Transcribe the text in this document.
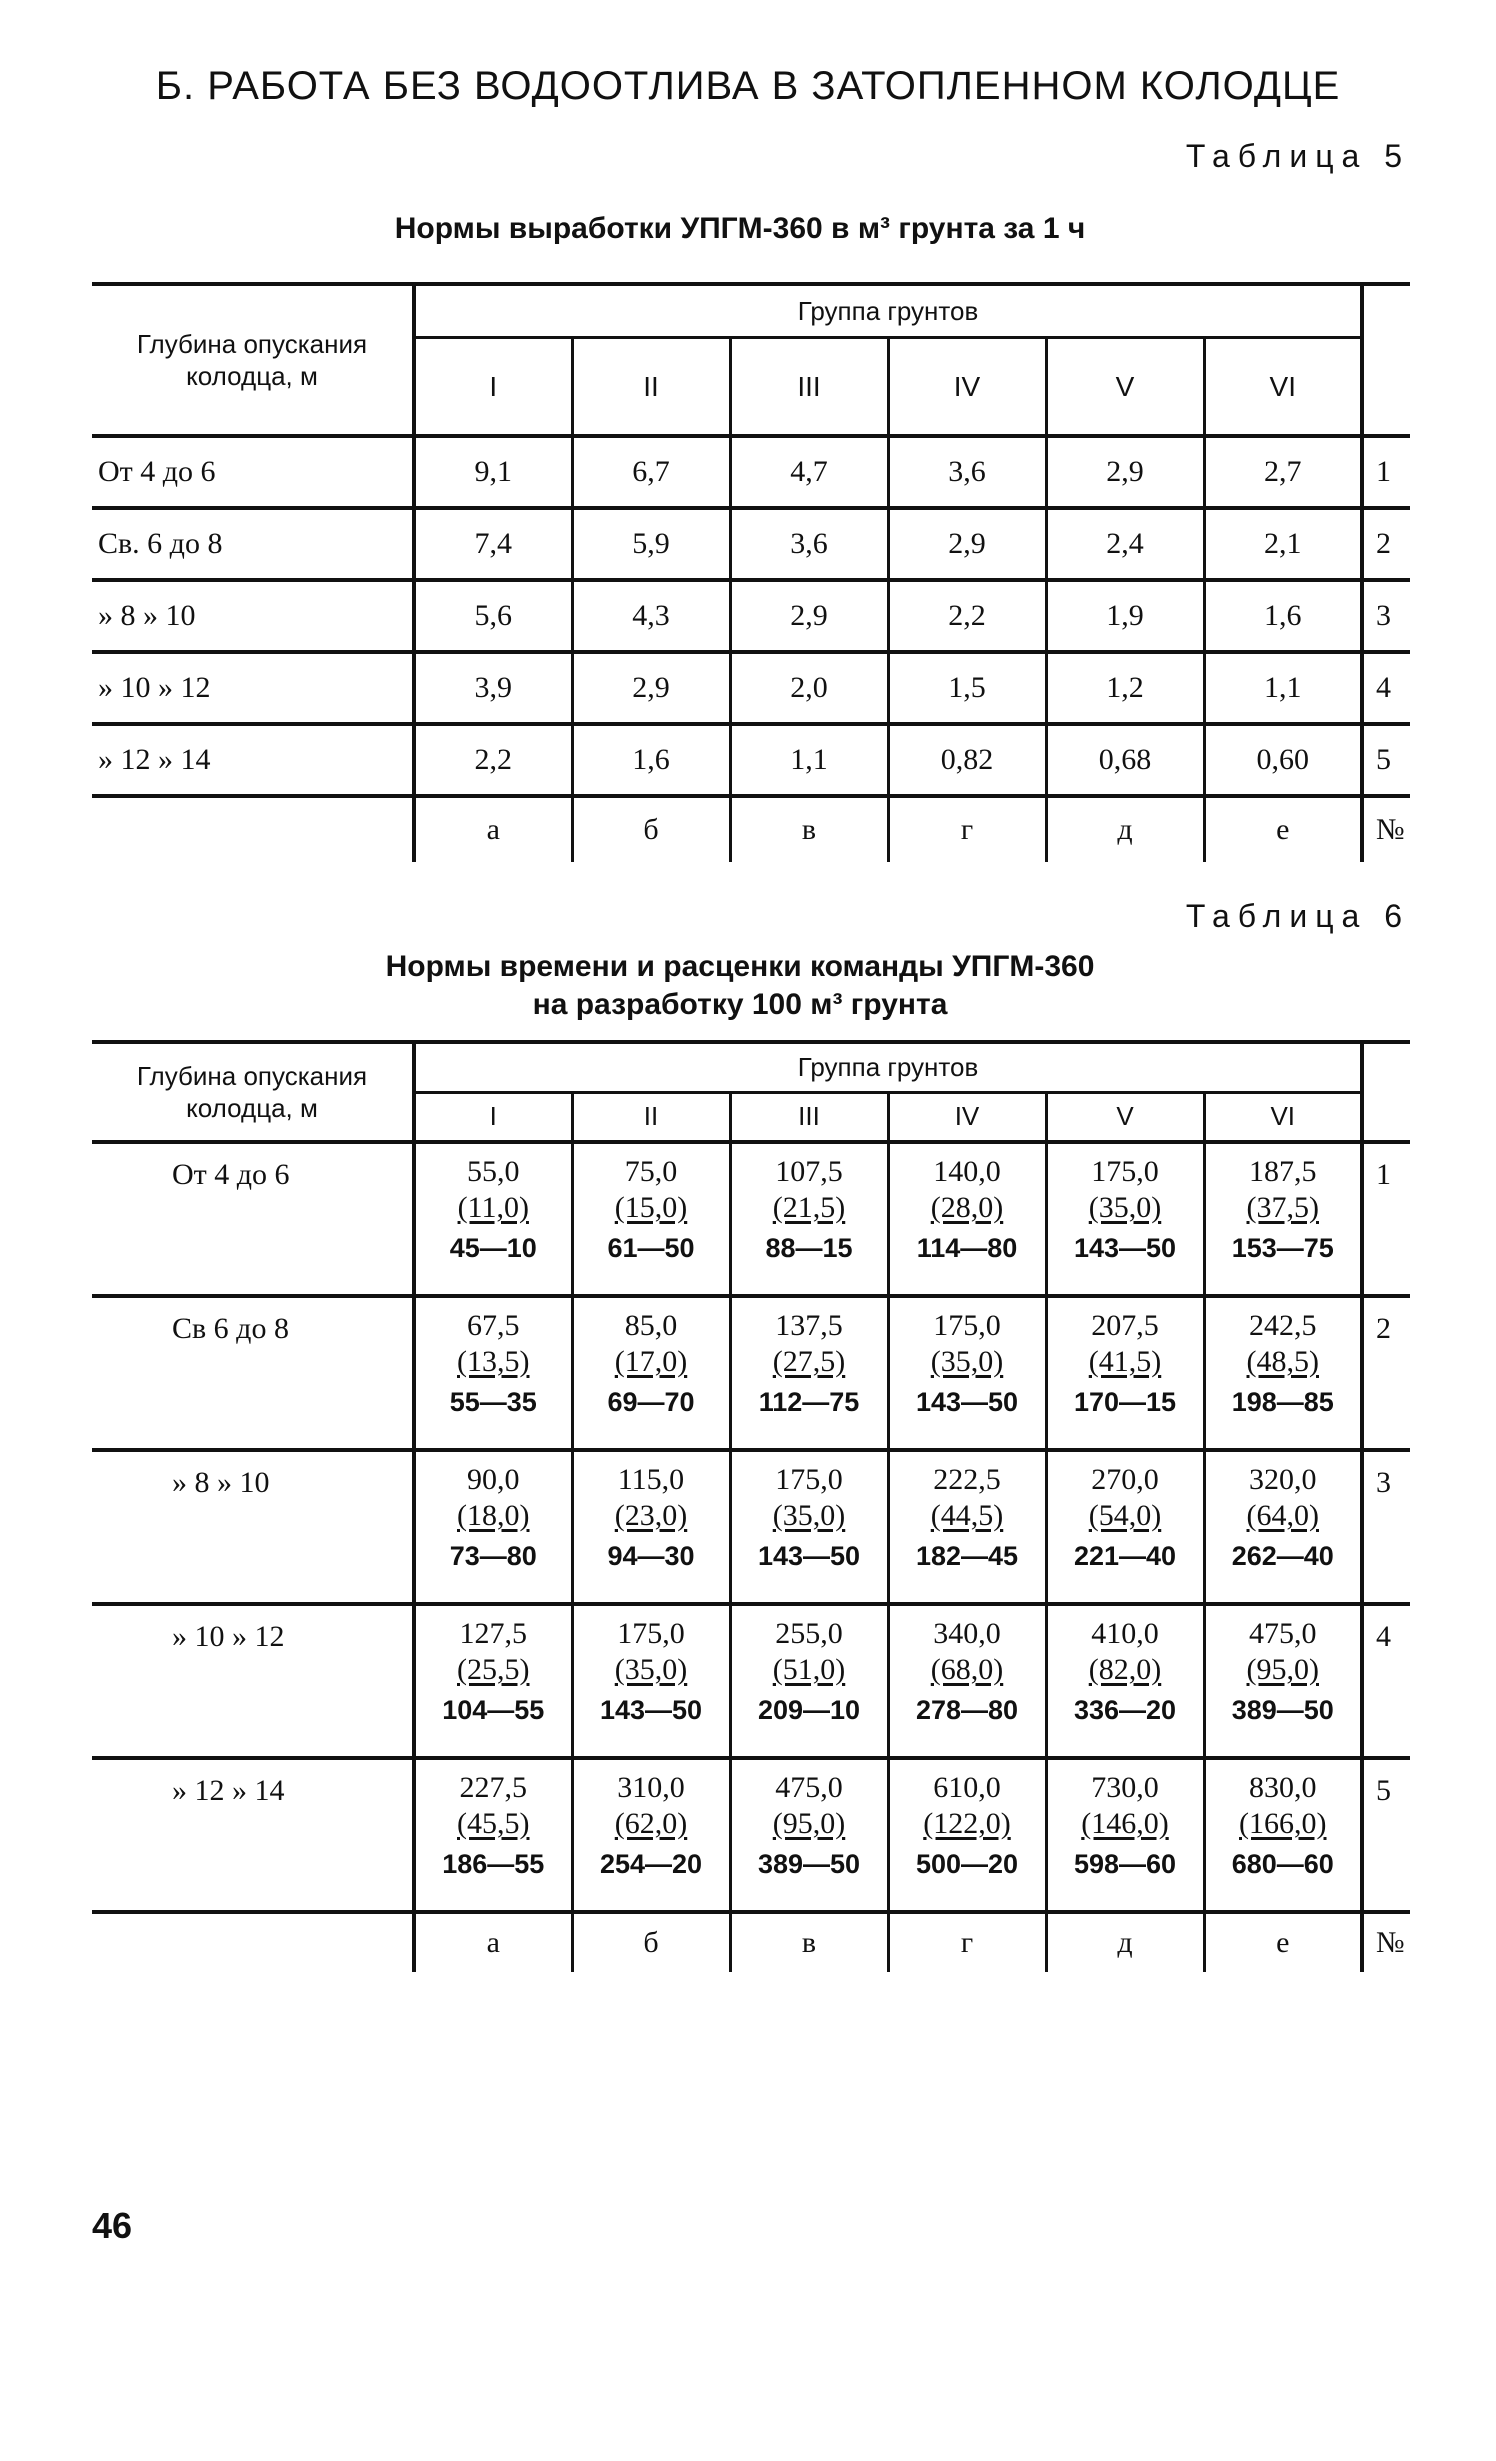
Б. РАБОТА БЕЗ ВОДООТЛИВА В ЗАТОПЛЕННОМ КОЛОДЦЕ
Таблица 5
Нормы выработки УПГМ-360 в м³ грунта за 1 ч
Глубина опускания колодца, м	Группа грунтов						
	I	II	III	IV	V	VI	
От 4 до 6	9,1	6,7	4,7	3,6	2,9	2,7	1
Св. 6 до 8	7,4	5,9	3,6	2,9	2,4	2,1	2
» 8 » 10	5,6	4,3	2,9	2,2	1,9	1,6	3
» 10 » 12	3,9	2,9	2,0	1,5	1,2	1,1	4
» 12 » 14	2,2	1,6	1,1	0,82	0,68	0,60	5
	а	б	в	г	д	е	№
Таблица 6
Нормы времени и расценки команды УПГМ-360
на разработку 100 м³ грунта
Глубина опускания колодца, м	Группа грунтов						
	I	II	III	IV	V	VI	
От 4 до 6	55,0
(11,0)
45—10	75,0
(15,0)
61—50	107,5
(21,5)
88—15	140,0
(28,0)
114—80	175,0
(35,0)
143—50	187,5
(37,5)
153—75	1
Св 6 до 8	67,5
(13,5)
55—35	85,0
(17,0)
69—70	137,5
(27,5)
112—75	175,0
(35,0)
143—50	207,5
(41,5)
170—15	242,5
(48,5)
198—85	2
» 8 » 10	90,0
(18,0)
73—80	115,0
(23,0)
94—30	175,0
(35,0)
143—50	222,5
(44,5)
182—45	270,0
(54,0)
221—40	320,0
(64,0)
262—40	3
» 10 » 12	127,5
(25,5)
104—55	175,0
(35,0)
143—50	255,0
(51,0)
209—10	340,0
(68,0)
278—80	410,0
(82,0)
336—20	475,0
(95,0)
389—50	4
» 12 » 14	227,5
(45,5)
186—55	310,0
(62,0)
254—20	475,0
(95,0)
389—50	610,0
(122,0)
500—20	730,0
(146,0)
598—60	830,0
(166,0)
680—60	5
	а	б	в	г	д	е	№
46
